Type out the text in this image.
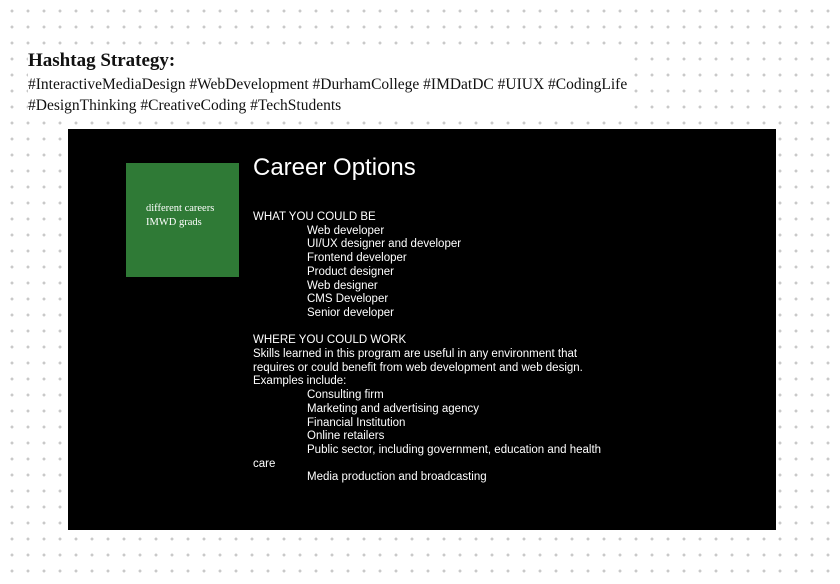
Hashtag Strategy:
#InteractiveMediaDesign #WebDevelopment #DurhamCollege #IMDatDC #UIUX #CodingLife
#DesignThinking #CreativeCoding #TechStudents
different careers
IMWD grads
Career Options
WHAT YOU COULD BE
Web developer
UI/UX designer and developer
Frontend developer
Product designer
Web designer
CMS Developer
Senior developer
WHERE YOU COULD WORK
Skills learned in this program are useful in any environment that
requires or could benefit from web development and web design.
Examples include:
Consulting firm
Marketing and advertising agency
Financial Institution
Online retailers
Public sector, including government, education and health
care
Media production and broadcasting
